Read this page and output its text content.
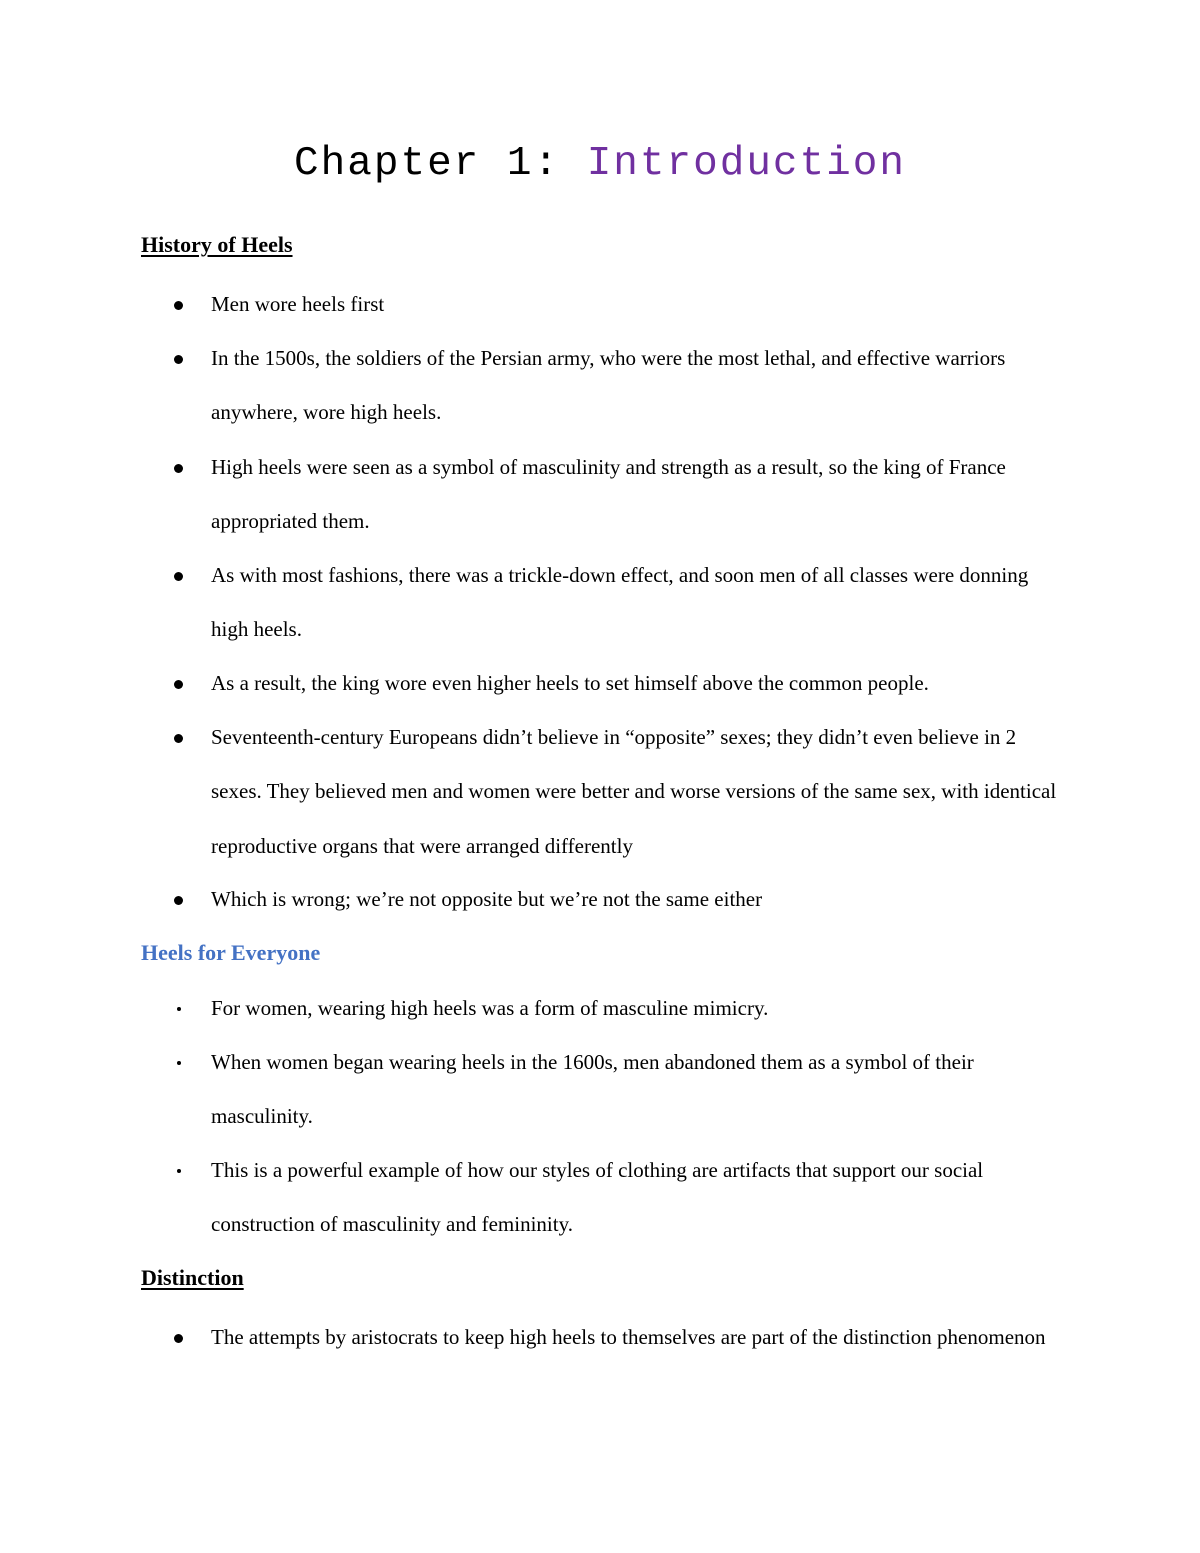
Chapter 1: Introduction
History of Heels
Men wore heels first
In the 1500s, the soldiers of the Persian army, who were the most lethal, and effective warriors anywhere, wore high heels.
High heels were seen as a symbol of masculinity and strength as a result, so the king of France appropriated them.
As with most fashions, there was a trickle-down effect, and soon men of all classes were donning high heels.
As a result, the king wore even higher heels to set himself above the common people.
Seventeenth-century Europeans didn’t believe in “opposite” sexes; they didn’t even believe in 2 sexes. They believed men and women were better and worse versions of the same sex, with identical reproductive organs that were arranged differently
Which is wrong; we’re not opposite but we’re not the same either
Heels for Everyone
For women, wearing high heels was a form of masculine mimicry.
When women began wearing heels in the 1600s, men abandoned them as a symbol of their masculinity.
This is a powerful example of how our styles of clothing are artifacts that support our social construction of masculinity and femininity.
Distinction
The attempts by aristocrats to keep high heels to themselves are part of the distinction phenomenon
